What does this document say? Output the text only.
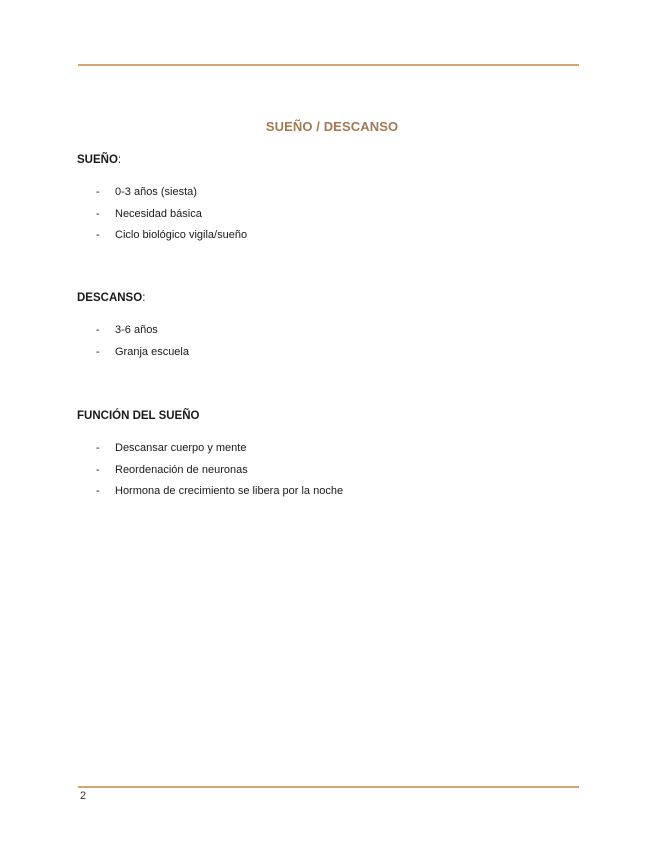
SUEÑO / DESCANSO
SUEÑO:
- 0-3 años (siesta)
- Necesidad básica
- Ciclo biológico vigila/sueño
DESCANSO:
- 3-6 años
- Granja escuela
FUNCIÓN DEL SUEÑO
- Descansar cuerpo y mente
- Reordenación de neuronas
- Hormona de crecimiento se libera por la noche
2
